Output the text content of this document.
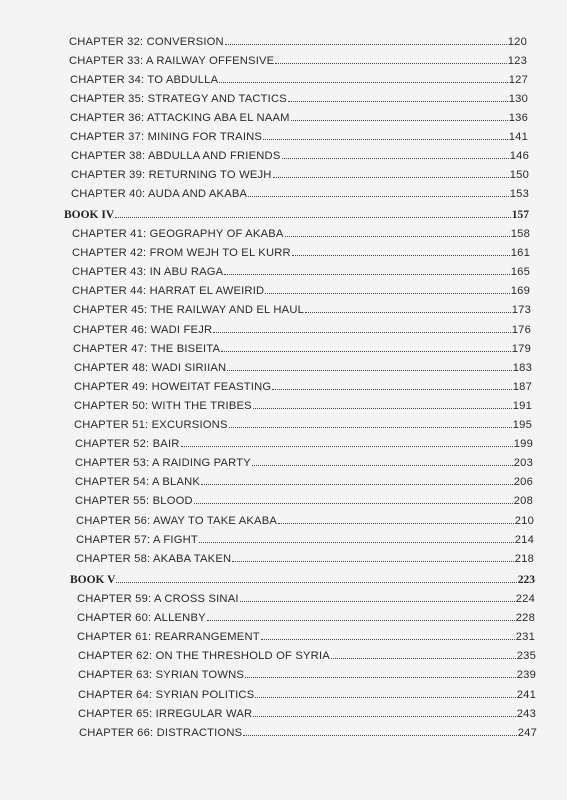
CHAPTER 32: CONVERSION	120
CHAPTER 33: A RAILWAY OFFENSIVE	123
CHAPTER 34: TO ABDULLA	127
CHAPTER 35: STRATEGY AND TACTICS	130
CHAPTER 36: ATTACKING ABA EL NAAM	136
CHAPTER 37: MINING FOR TRAINS	141
CHAPTER 38: ABDULLA AND FRIENDS	146
CHAPTER 39: RETURNING TO WEJH	150
CHAPTER 40: AUDA AND AKABA	153
BOOK IV	157
CHAPTER 41: GEOGRAPHY OF AKABA	158
CHAPTER 42: FROM WEJH TO EL KURR	161
CHAPTER 43: IN ABU RAGA	165
CHAPTER 44: HARRAT EL AWEIRID	169
CHAPTER 45: THE RAILWAY AND EL HAUL	173
CHAPTER 46: WADI FEJR	176
CHAPTER 47: THE BISEITA	179
CHAPTER 48: WADI SIRIIAN	183
CHAPTER 49: HOWEITAT FEASTING	187
CHAPTER 50: WITH THE TRIBES	191
CHAPTER 51: EXCURSIONS	195
CHAPTER 52: BAIR	199
CHAPTER 53: A RAIDING PARTY	203
CHAPTER 54: A BLANK	206
CHAPTER 55: BLOOD	208
CHAPTER 56: AWAY TO TAKE AKABA	210
CHAPTER 57: A FIGHT	214
CHAPTER 58: AKABA TAKEN	218
BOOK V	223
CHAPTER 59: A CROSS SINAI	224
CHAPTER 60: ALLENBY	228
CHAPTER 61: REARRANGEMENT	231
CHAPTER 62: ON THE THRESHOLD OF SYRIA	235
CHAPTER 63: SYRIAN TOWNS	239
CHAPTER 64: SYRIAN POLITICS	241
CHAPTER 65: IRREGULAR WAR	243
CHAPTER 66: DISTRACTIONS	247
